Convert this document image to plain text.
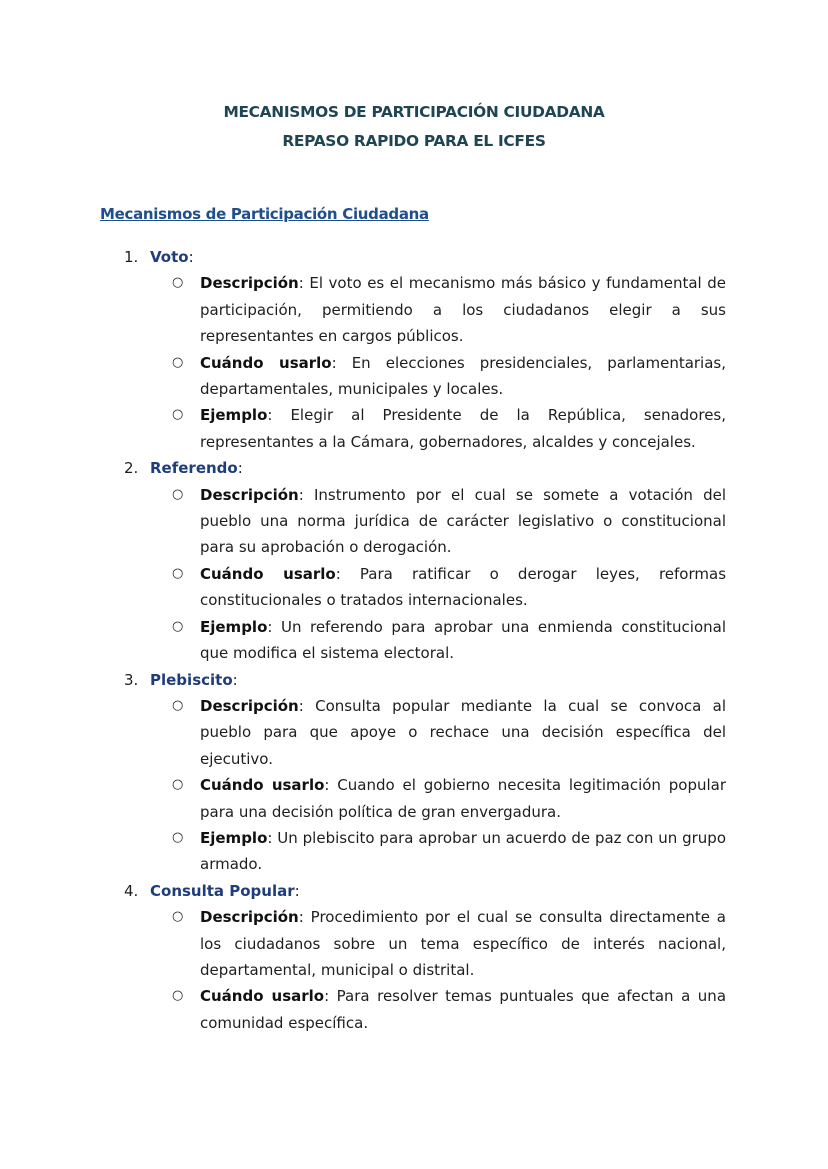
MECANISMOS DE PARTICIPACIÓN CIUDADANA
REPASO RAPIDO PARA EL ICFES
Mecanismos de Participación Ciudadana
1. Voto:
○ Descripción: El voto es el mecanismo más básico y fundamental de participación, permitiendo a los ciudadanos elegir a sus representantes en cargos públicos.
○ Cuándo usarlo: En elecciones presidenciales, parlamentarias, departamentales, municipales y locales.
○ Ejemplo: Elegir al Presidente de la República, senadores, representantes a la Cámara, gobernadores, alcaldes y concejales.
2. Referendo:
○ Descripción: Instrumento por el cual se somete a votación del pueblo una norma jurídica de carácter legislativo o constitucional para su aprobación o derogación.
○ Cuándo usarlo: Para ratificar o derogar leyes, reformas constitucionales o tratados internacionales.
○ Ejemplo: Un referendo para aprobar una enmienda constitucional que modifica el sistema electoral.
3. Plebiscito:
○ Descripción: Consulta popular mediante la cual se convoca al pueblo para que apoye o rechace una decisión específica del ejecutivo.
○ Cuándo usarlo: Cuando el gobierno necesita legitimación popular para una decisión política de gran envergadura.
○ Ejemplo: Un plebiscito para aprobar un acuerdo de paz con un grupo armado.
4. Consulta Popular:
○ Descripción: Procedimiento por el cual se consulta directamente a los ciudadanos sobre un tema específico de interés nacional, departamental, municipal o distrital.
○ Cuándo usarlo: Para resolver temas puntuales que afectan a una comunidad específica.
